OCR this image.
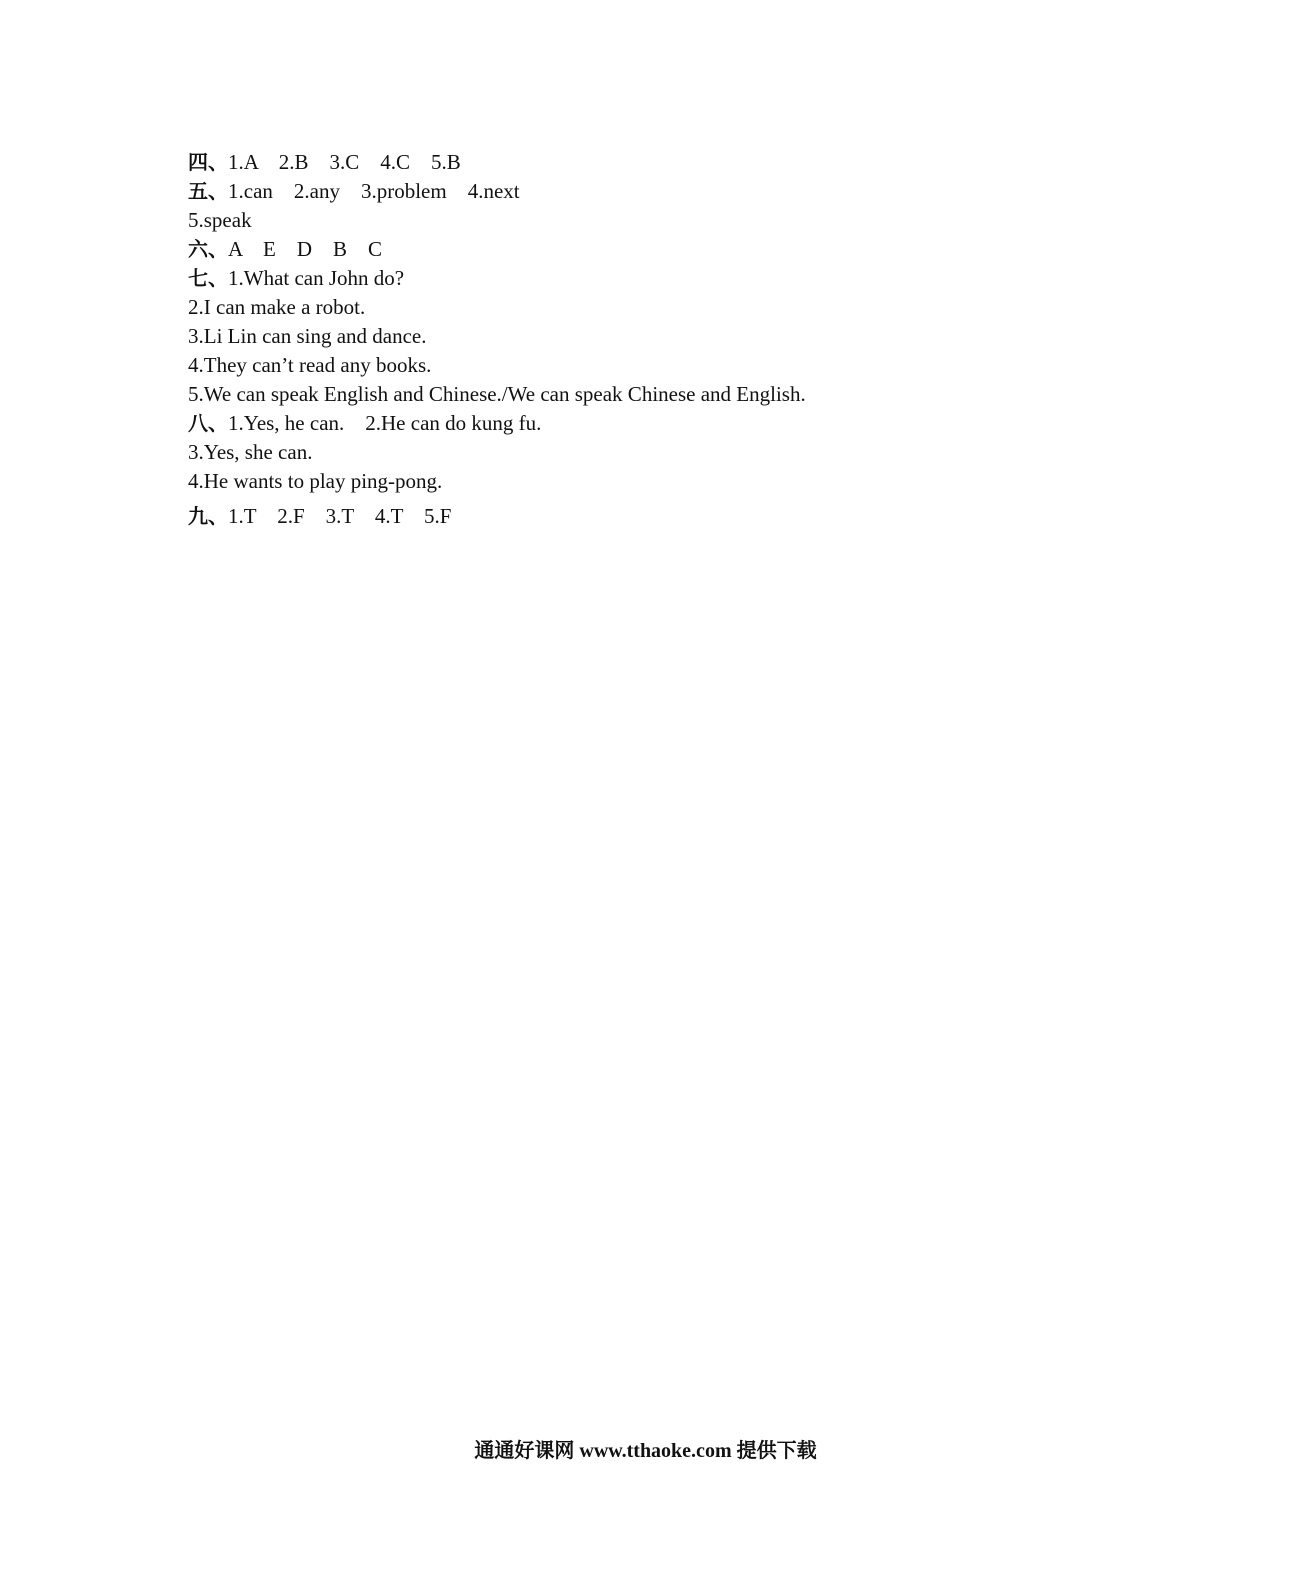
四、1.A    2.B    3.C    4.C    5.B
五、1.can    2.any    3.problem    4.next
5.speak
六、A    E    D    B    C
七、1.What can John do?
2.I can make a robot.
3.Li Lin can sing and dance.
4.They can’t read any books.
5.We can speak English and Chinese./We can speak Chinese and English.
八、1.Yes, he can.    2.He can do kung fu.
3.Yes, she can.
4.He wants to play ping-pong.
九、1.T    2.F    3.T    4.T    5.F
通通好课网 www.tthaoke.com 提供下载
